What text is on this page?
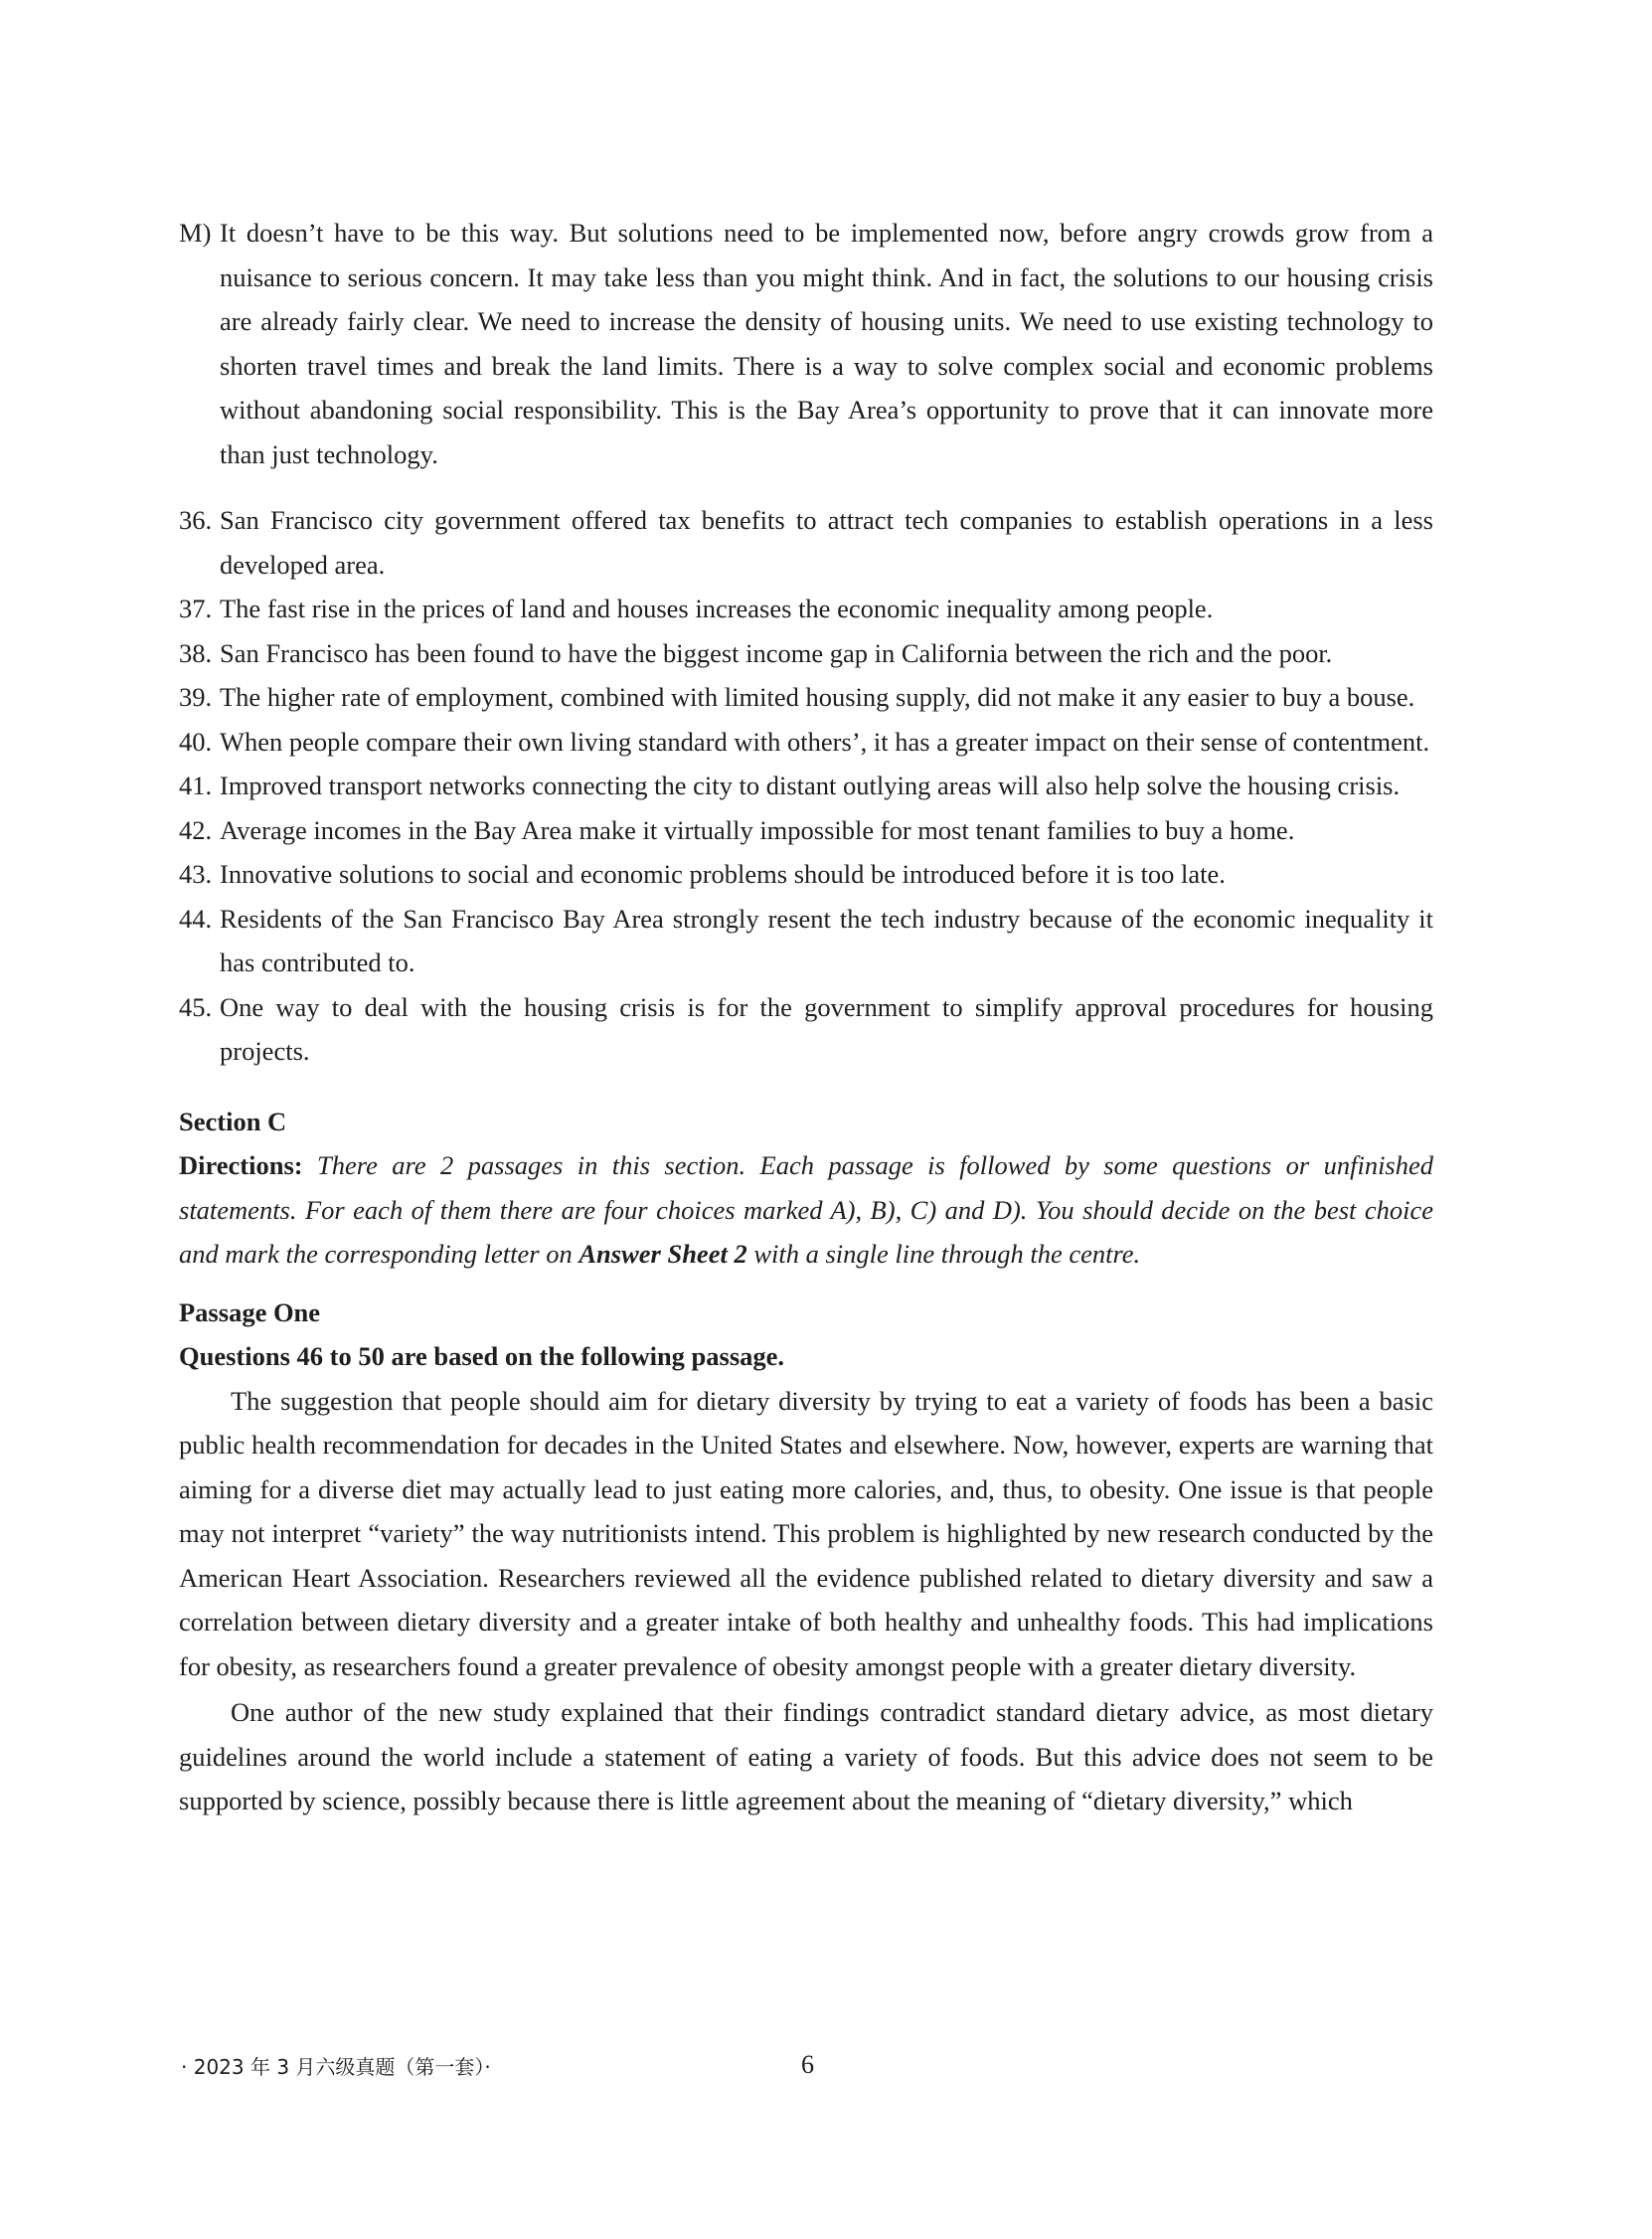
M) It doesn’t have to be this way. But solutions need to be implemented now, before angry crowds grow from a nuisance to serious concern. It may take less than you might think. And in fact, the solutions to our housing crisis are already fairly clear. We need to increase the density of housing units. We need to use existing technology to shorten travel times and break the land limits. There is a way to solve complex social and economic problems without abandoning social responsibility. This is the Bay Area’s opportunity to prove that it can innovate more than just technology.
36. San Francisco city government offered tax benefits to attract tech companies to establish operations in a less developed area.
37. The fast rise in the prices of land and houses increases the economic inequality among people.
38. San Francisco has been found to have the biggest income gap in California between the rich and the poor.
39. The higher rate of employment, combined with limited housing supply, did not make it any easier to buy a bouse.
40. When people compare their own living standard with others’, it has a greater impact on their sense of contentment.
41. Improved transport networks connecting the city to distant outlying areas will also help solve the housing crisis.
42. Average incomes in the Bay Area make it virtually impossible for most tenant families to buy a home.
43. Innovative solutions to social and economic problems should be introduced before it is too late.
44. Residents of the San Francisco Bay Area strongly resent the tech industry because of the economic inequality it has contributed to.
45. One way to deal with the housing crisis is for the government to simplify approval procedures for housing projects.
Section C
Directions: There are 2 passages in this section. Each passage is followed by some questions or unfinished statements. For each of them there are four choices marked A), B), C) and D). You should decide on the best choice and mark the corresponding letter on Answer Sheet 2 with a single line through the centre.
Passage One
Questions 46 to 50 are based on the following passage.

The suggestion that people should aim for dietary diversity by trying to eat a variety of foods has been a basic public health recommendation for decades in the United States and elsewhere. Now, however, experts are warning that aiming for a diverse diet may actually lead to just eating more calories, and, thus, to obesity. One issue is that people may not interpret “variety” the way nutritionists intend. This problem is highlighted by new research conducted by the American Heart Association. Researchers reviewed all the evidence published related to dietary diversity and saw a correlation between dietary diversity and a greater intake of both healthy and unhealthy foods. This had implications for obesity, as researchers found a greater prevalence of obesity amongst people with a greater dietary diversity.

One author of the new study explained that their findings contradict standard dietary advice, as most dietary guidelines around the world include a statement of eating a variety of foods. But this advice does not seem to be supported by science, possibly because there is little agreement about the meaning of “dietary diversity,” which

· 2023 年 3 月六级真题（第一套）·	6
